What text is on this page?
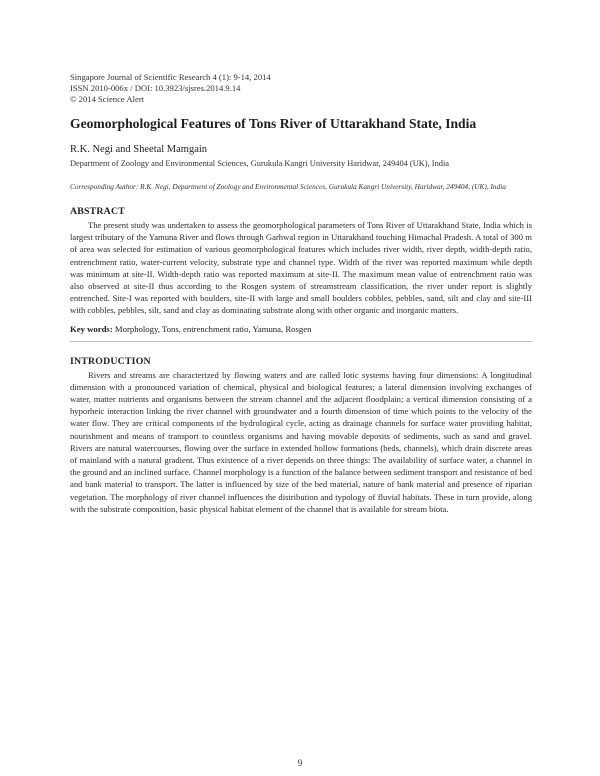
Singapore Journal of Scientific Research 4 (1): 9-14, 2014
ISSN 2010-006x / DOI: 10.3923/sjsres.2014.9.14
© 2014 Science Alert
Geomorphological Features of Tons River of Uttarakhand State, India
R.K. Negi and Sheetal Mamgain
Department of Zoology and Environmental Sciences, Gurukula Kangri University Haridwar, 249404 (UK), India
Corresponding Author: R.K. Negi, Department of Zoology and Environmental Sciences, Gurukula Kangri University, Haridwar, 249404, (UK), India
ABSTRACT

The present study was undertaken to assess the geomorphological parameters of Tons River of Uttarakhand State, India which is largest tributary of the Yamuna River and flows through Garhwal region in Uttarakhand touching Himachal Pradesh. A total of 300 m of area was selected for estimation of various geomorphological features which includes river width, river depth, width-depth ratio, entrenchment ratio, water-current velocity, substrate type and channel type. Width of the river was reported maximum while depth was minimum at site-II. Width-depth ratio was reported maximum at site-II. The maximum mean value of entrenchment ratio was also observed at site-II thus according to the Rosgen system of streamstream classification, the river under report is slightly entrenched. Site-I was reported with boulders, site-II with large and small boulders cobbles, pebbles, sand, silt and clay and site-III with cobbles, pebbles, silt, sand and clay as dominating substrate along with other organic and inorganic matters.

Key words: Morphology, Tons, entrenchment ratio, Yamuna, Rosgen
INTRODUCTION

Rivers and streams are characterized by flowing waters and are called lotic systems having four dimensions: A longitudinal dimension with a pronounced variation of chemical, physical and biological features; a lateral dimension involving exchanges of water, matter nutrients and organisms between the stream channel and the adjacent floodplain; a vertical dimension consisting of a hyporheic interaction linking the river channel with groundwater and a fourth dimension of time which points to the velocity of the water flow. They are critical components of the hydrological cycle, acting as drainage channels for surface water providing habitat, nourishment and means of transport to countless organisms and having movable deposits of sediments, such as sand and gravel. Rivers are natural watercourses, flowing over the surface in extended hollow formations (beds, channels), which drain discrete areas of mainland with a natural gradient. Thus existence of a river depends on three things: The availability of surface water, a channel in the ground and an inclined surface. Channel morphology is a function of the balance between sediment transport and resistance of bed and bank material to transport. The latter is influenced by size of the bed material, nature of bank material and presence of riparian vegetation. The morphology of river channel influences the distribution and typology of fluvial habitats. These in turn provide, along with the substrate composition, basic physical habitat element of the channel that is available for stream biota.

9
